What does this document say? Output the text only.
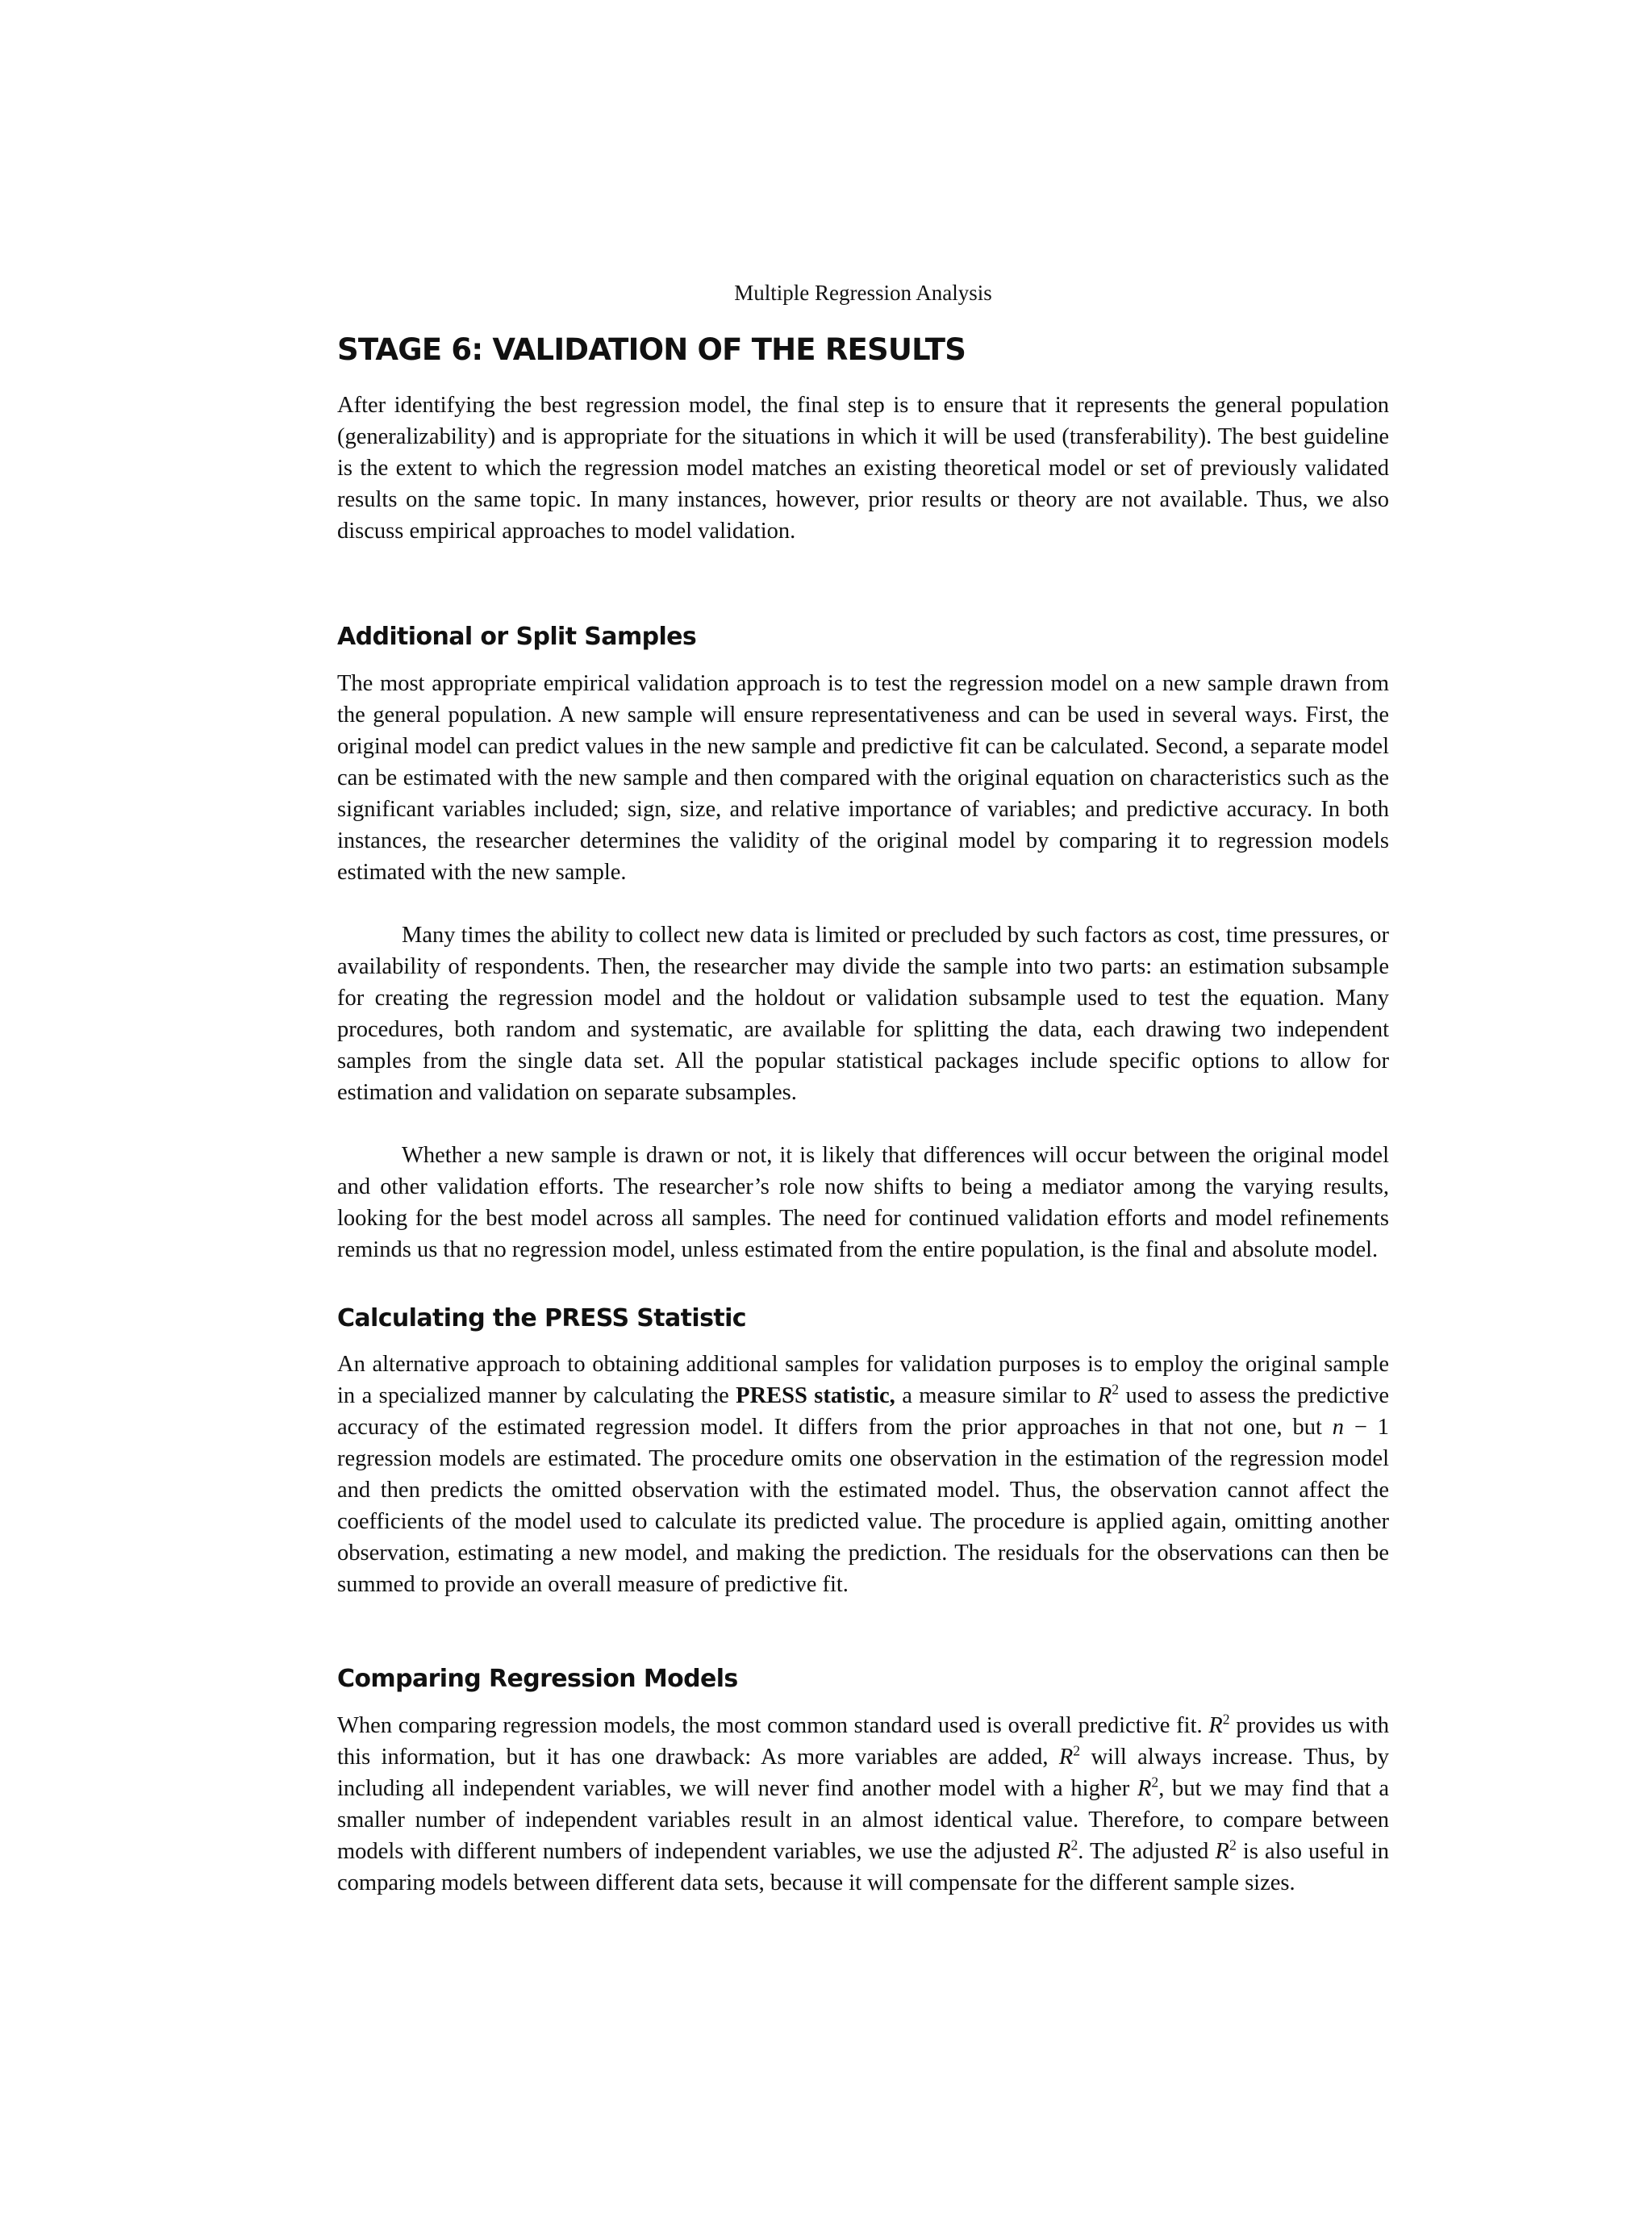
Multiple Regression Analysis
STAGE 6: VALIDATION OF THE RESULTS

After identifying the best regression model, the final step is to ensure that it represents the general population (generalizability) and is appropriate for the situations in which it will be used (transferability). The best guideline is the extent to which the regression model matches an existing theoretical model or set of previously validated results on the same topic. In many instances, however, prior results or theory are not available. Thus, we also discuss empirical approaches to model validation.

Additional or Split Samples

The most appropriate empirical validation approach is to test the regression model on a new sample drawn from the general population. A new sample will ensure representativeness and can be used in several ways. First, the original model can predict values in the new sample and predictive fit can be calculated. Second, a separate model can be estimated with the new sample and then compared with the original equation on characteristics such as the significant variables included; sign, size, and relative importance of variables; and predictive accuracy. In both instances, the researcher determines the validity of the original model by comparing it to regression models estimated with the new sample.

Many times the ability to collect new data is limited or precluded by such factors as cost, time pressures, or availability of respondents. Then, the researcher may divide the sample into two parts: an estimation subsample for creating the regression model and the holdout or validation subsample used to test the equation. Many procedures, both random and systematic, are available for splitting the data, each drawing two independent samples from the single data set. All the popular statistical packages include specific options to allow for estimation and validation on separate subsamples.

Whether a new sample is drawn or not, it is likely that differences will occur between the original model and other validation efforts. The researcher’s role now shifts to being a mediator among the varying results, looking for the best model across all samples. The need for continued validation efforts and model refinements reminds us that no regression model, unless estimated from the entire population, is the final and absolute model.

Calculating the PRESS Statistic

An alternative approach to obtaining additional samples for validation purposes is to employ the original sample in a specialized manner by calculating the PRESS statistic, a measure similar to $R^2$ used to assess the predictive accuracy of the estimated regression model. It differs from the prior approaches in that not one, but n − 1 regression models are estimated. The procedure omits one observation in the estimation of the regression model and then predicts the omitted observation with the estimated model. Thus, the observation cannot affect the coefficients of the model used to calculate its predicted value. The procedure is applied again, omitting another observation, estimating a new model, and making the prediction. The residuals for the observations can then be summed to provide an overall measure of predictive fit.

Comparing Regression Models

When comparing regression models, the most common standard used is overall predictive fit. $R^2$ provides us with this information, but it has one drawback: As more variables are added, $R^2$ will always increase. Thus, by including all independent variables, we will never find another model with a higher $R^2$, but we may find that a smaller number of independent variables result in an almost identical value. Therefore, to compare between models with different numbers of independent variables, we use the adjusted $R^2$. The adjusted $R^2$ is also useful in comparing models between different data sets, because it will compensate for the different sample sizes.
